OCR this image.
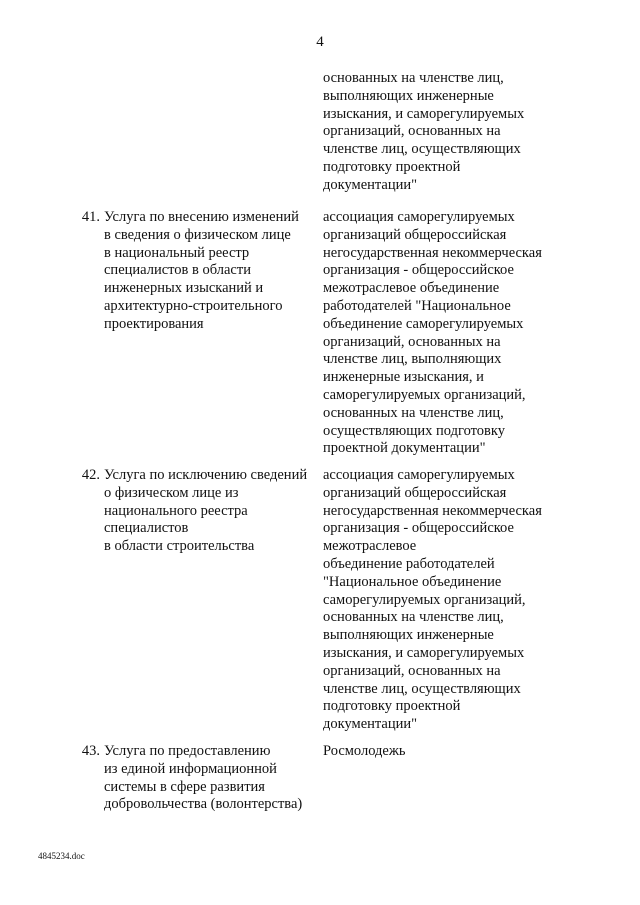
4
основанных на членстве лиц,
выполняющих инженерные
изыскания, и саморегулируемых
организаций, основанных на
членстве лиц, осуществляющих
подготовку проектной
документации"
41. Услуга по внесению изменений
в сведения о физическом лице
в национальный реестр
специалистов в области
инженерных изысканий и
архитектурно-строительного
проектирования
ассоциация саморегулируемых
организаций общероссийская
негосударственная некоммерческая
организация - общероссийское
межотраслевое объединение
работодателей "Национальное
объединение саморегулируемых
организаций, основанных на
членстве лиц, выполняющих
инженерные изыскания, и
саморегулируемых организаций,
основанных на членстве лиц,
осуществляющих подготовку
проектной документации"
42. Услуга по исключению сведений
о физическом лице из
национального реестра
специалистов
в области строительства
ассоциация саморегулируемых
организаций общероссийская
негосударственная некоммерческая
организация - общероссийское
межотраслевое
объединение работодателей
"Национальное объединение
саморегулируемых организаций,
основанных на членстве лиц,
выполняющих инженерные
изыскания, и саморегулируемых
организаций, основанных на
членстве лиц, осуществляющих
подготовку проектной
документации"
43. Услуга по предоставлению
из единой информационной
системы в сфере развития
добровольчества (волонтерства)
Росмолодежь
4845234.doc
